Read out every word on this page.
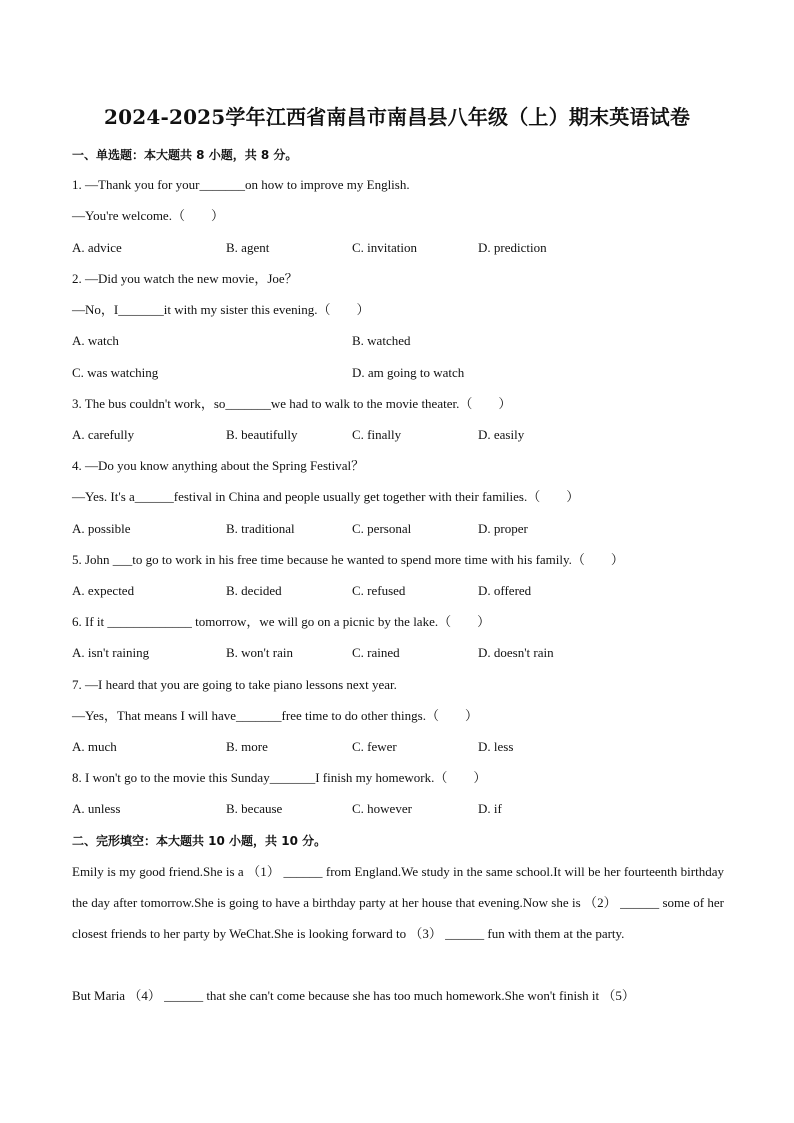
2024-2025学年江西省南昌市南昌县八年级（上）期末英语试卷
一、单选题：本大题共 8 小题，共 8 分。
1. —Thank you for your_______on how to improve my English.
—You're welcome.（　　）
A. advice	B. agent	C. invitation	D. prediction
2. —Did you watch the new movie，Joe？
—No，I_______it with my sister this evening.（　　）
A. watch	B. watched
C. was watching	D. am going to watch
3. The bus couldn't work，so_______we had to walk to the movie theater.（　　）
A. carefully	B. beautifully	C. finally	D. easily
4. —Do you know anything about the Spring Festival？
—Yes. It's a______festival in China and people usually get together with their families.（　　）
A. possible	B. traditional	C. personal	D. proper
5. John ___to go to work in his free time because he wanted to spend more time with his family.（　　）
A. expected	B. decided	C. refused	D. offered
6. If it _____________ tomorrow，we will go on a picnic by the lake.（　　）
A. isn't raining	B. won't rain	C. rained	D. doesn't rain
7. —I heard that you are going to take piano lessons next year.
—Yes，That means I will have_______free time to do other things.（　　）
A. much	B. more	C. fewer	D. less
8. I won't go to the movie this Sunday_______I finish my homework.（　　）
A. unless	B. because	C. however	D. if
二、完形填空：本大题共 10 小题，共 10 分。
Emily is my good friend.She is a （1） ______ from England.We study in the same school.It will be her fourteenth birthday the day after tomorrow.She is going to have a birthday party at her house that evening.Now she is （2） ______ some of her closest friends to her party by WeChat.She is looking forward to （3） ______ fun with them at the party.
But Maria （4） ______ that she can't come because she has too much homework.She won't finish it （5）
